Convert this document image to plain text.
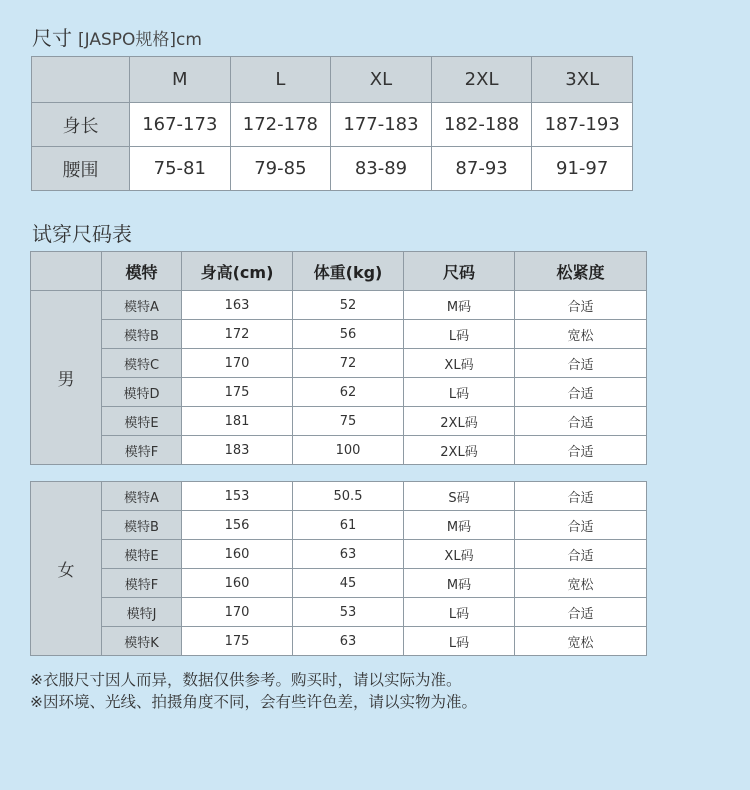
尺寸 [JASPO规格]cm
	M	L	XL	2XL	3XL
身长	167-173	172-178	177-183	182-188	187-193
腰围	75-81	79-85	83-89	87-93	91-97
试穿尺码表
	模特	身高(cm)	体重(kg)	尺码	松紧度
男	模特A	163	52	M码	合适
	模特B	172	56	L码	宽松
	模特C	170	72	XL码	合适
	模特D	175	62	L码	合适
	模特E	181	75	2XL码	合适
	模特F	183	100	2XL码	合适
女	模特A	153	50.5	S码	合适
	模特B	156	61	M码	合适
	模特E	160	63	XL码	合适
	模特F	160	45	M码	宽松
	模特J	170	53	L码	合适
	模特K	175	63	L码	宽松
※衣服尺寸因人而异，数据仅供参考。购买时，请以实际为准。
※因环境、光线、拍摄角度不同，会有些许色差，请以实物为准。
